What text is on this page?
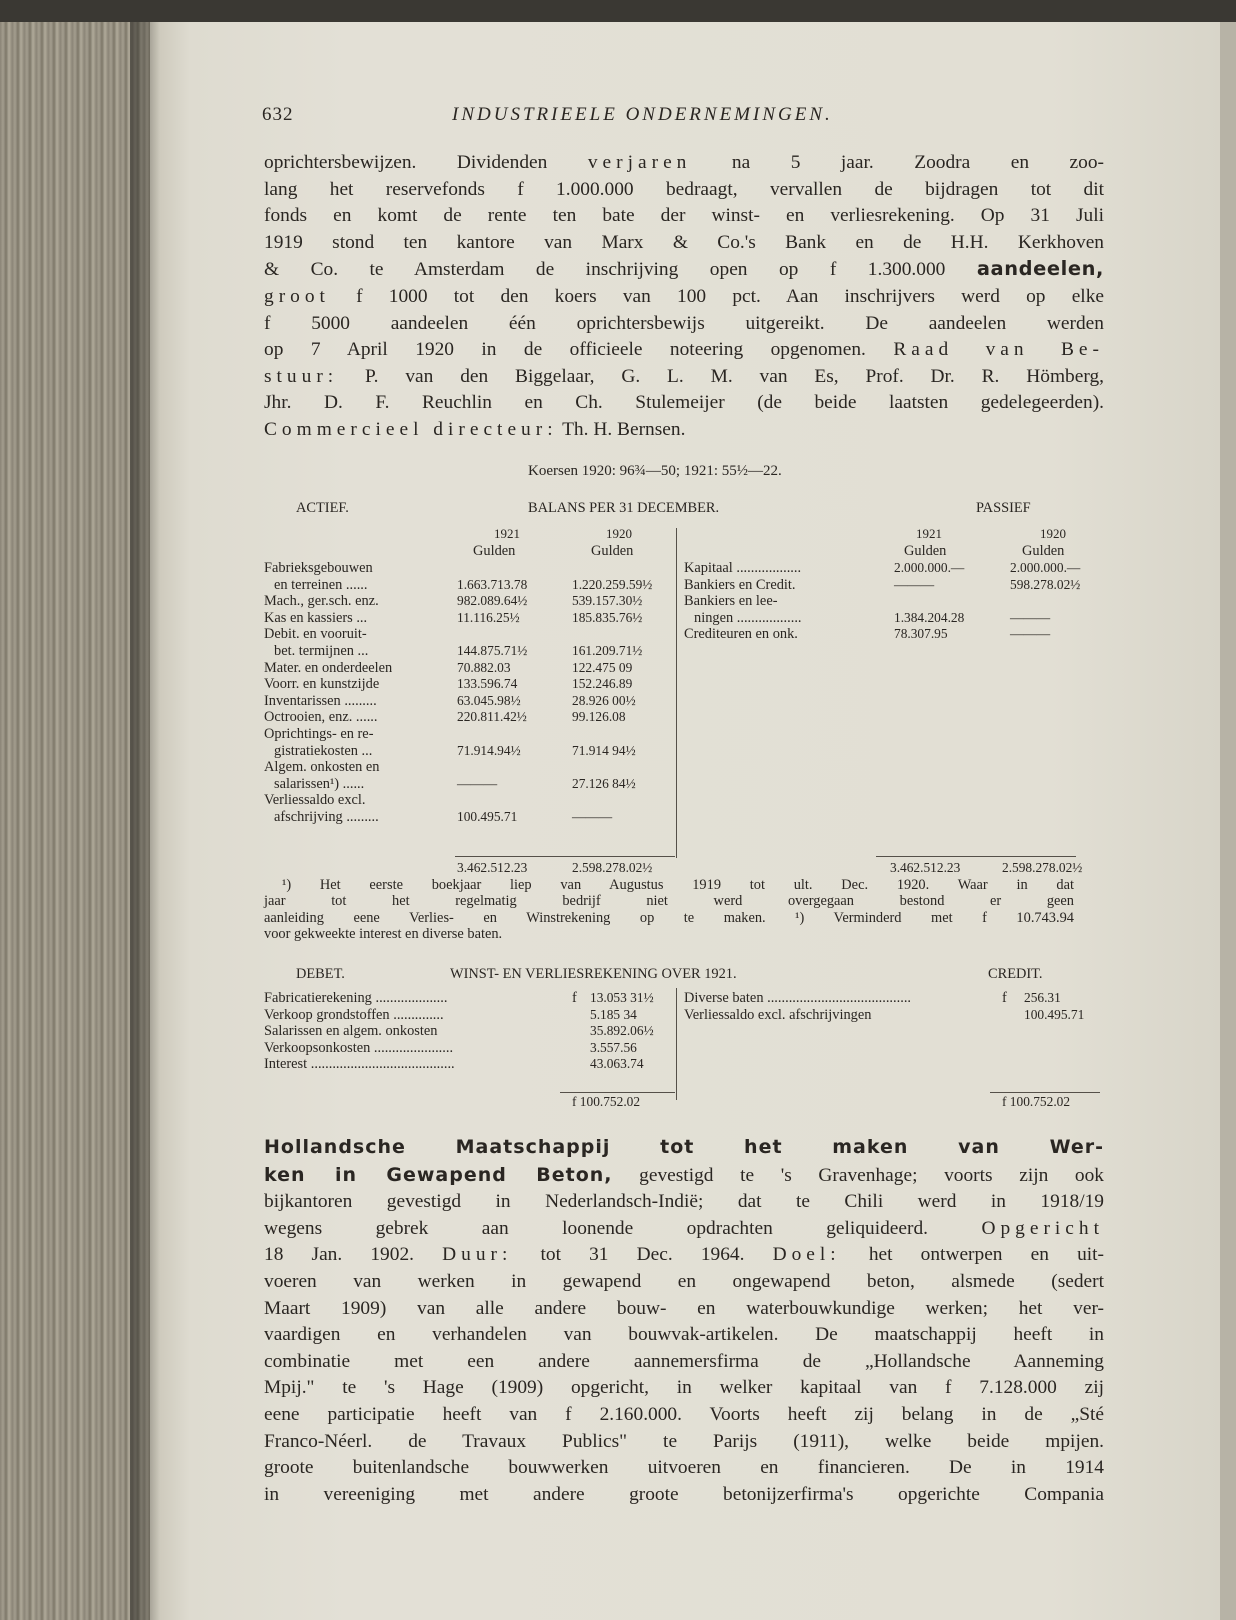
632	INDUSTRIEELE ONDERNEMINGEN.
oprichtersbewijzen. Dividenden verjaren na 5 jaar. Zoodra en zoo-
lang het reservefonds f 1.000.000 bedraagt, vervallen de bijdragen tot dit
fonds en komt de rente ten bate der winst- en verliesrekening. Op 31 Juli
1919 stond ten kantore van Marx & Co.'s Bank en de H.H. Kerkhoven
& Co. te Amsterdam de inschrijving open op f 1.300.000 aandeelen,
groot f 1000 tot den koers van 100 pct. Aan inschrijvers werd op elke
f 5000 aandeelen één oprichtersbewijs uitgereikt. De aandeelen werden
op 7 April 1920 in de officieele noteering opgenomen. Raad van Be-
stuur: P. van den Biggelaar, G. L. M. van Es, Prof. Dr. R. Hömberg,
Jhr. D. F. Reuchlin en Ch. Stulemeijer (de beide laatsten gedelegeerden).
Commercieel directeur: Th. H. Bernsen.
Koersen 1920: 96¾—50; 1921: 55½—22.
ACTIEF.	BALANS PER 31 DECEMBER.	PASSIEF
1921	1920
Gulden	Gulden
1921	1920
Gulden	Gulden
Fabrieksgebouwen
en terreinen ......	1.663.713.78	1.220.259.59½
Mach., ger.sch. enz.	982.089.64½	539.157.30½
Kas en kassiers ...	11.116.25½	185.835.76½
Debit. en vooruit-
bet. termijnen ...	144.875.71½	161.209.71½
Mater. en onderdeelen	70.882.03	122.475 09
Voorr. en kunstzijde	133.596.74	152.246.89
Inventarissen .........	63.045.98½	28.926 00½
Octrooien, enz. ......	220.811.42½	99.126.08
Oprichtings- en re-
gistratiekosten ...	71.914.94½	71.914 94½
Algem. onkosten en
salarissen¹) ......	———	27.126 84½
Verliessaldo excl.
afschrijving .........	100.495.71	———
Kapitaal ..................	2.000.000.—	2.000.000.—
Bankiers en Credit.	———	598.278.02½
Bankiers en lee-
ningen ..................	1.384.204.28	———
Crediteuren en onk.	78.307.95	———
3.462.512.23	2.598.278.02½	3.462.512.23	2.598.278.02½
¹) Het eerste boekjaar liep van Augustus 1919 tot ult. Dec. 1920. Waar in dat
jaar tot het regelmatig bedrijf niet werd overgegaan bestond er geen
aanleiding eene Verlies- en Winstrekening op te maken. ¹) Verminderd met f 10.743.94
voor gekweekte interest en diverse baten.
DEBET.	WINST- EN VERLIESREKENING OVER 1921.	CREDIT.
Fabricatierekening ....................	13.053 31½
Verkoop grondstoffen ..............	5.185 34
Salarissen en algem. onkosten	35.892.06½
Verkoopsonkosten ......................	3.557.56
Interest ........................................	43.063.74
f	Diverse baten ........................................	256.31
Verliessaldo excl. afschrijvingen	100.495.71
f
f 100.752.02	f 100.752.02
Hollandsche Maatschappij tot het maken van Wer-
ken in Gewapend Beton, gevestigd te 's Gravenhage; voorts zijn ook
bijkantoren gevestigd in Nederlandsch-Indië; dat te Chili werd in 1918/19
wegens gebrek aan loonende opdrachten geliquideerd. Opgericht
18 Jan. 1902. Duur: tot 31 Dec. 1964. Doel: het ontwerpen en uit-
voeren van werken in gewapend en ongewapend beton, alsmede (sedert
Maart 1909) van alle andere bouw- en waterbouwkundige werken; het ver-
vaardigen en verhandelen van bouwvak-artikelen. De maatschappij heeft in
combinatie met een andere aannemersfirma de „Hollandsche Aanneming
Mpij." te 's Hage (1909) opgericht, in welker kapitaal van f 7.128.000 zij
eene participatie heeft van f 2.160.000. Voorts heeft zij belang in de „Sté
Franco-Néerl. de Travaux Publics" te Parijs (1911), welke beide mpijen.
groote buitenlandsche bouwwerken uitvoeren en financieren. De in 1914
in vereeniging met andere groote betonijzerfirma's opgerichte Compania
